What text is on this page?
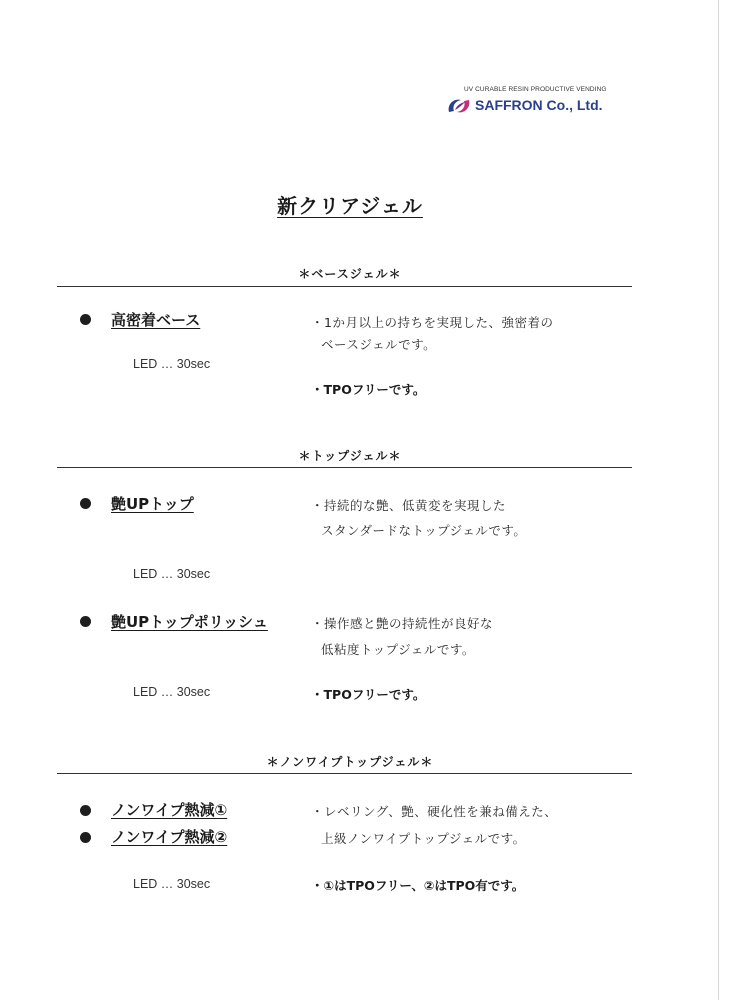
UV CURABLE RESIN PRODUCTIVE VENDING
SAFFRON Co., Ltd.
新クリアジェル
＊ベースジェル＊
高密着ベース
LED … 30sec
・1か月以上の持ちを実現した、強密着の
ベースジェルです。
・TPOフリーです。
＊トップジェル＊
艶UPトップ	・持続的な艶、低黄変を実現した
スタンダードなトップジェルです。
LED … 30sec
艶UPトップポリッシュ	・操作感と艶の持続性が良好な
低粘度トップジェルです。
LED … 30sec	・TPOフリーです。
＊ノンワイプトップジェル＊
ノンワイプ熱減①
ノンワイプ熱減②
・レベリング、艶、硬化性を兼ね備えた、
上級ノンワイプトップジェルです。
LED … 30sec	・①はTPOフリー、②はTPO有です。
